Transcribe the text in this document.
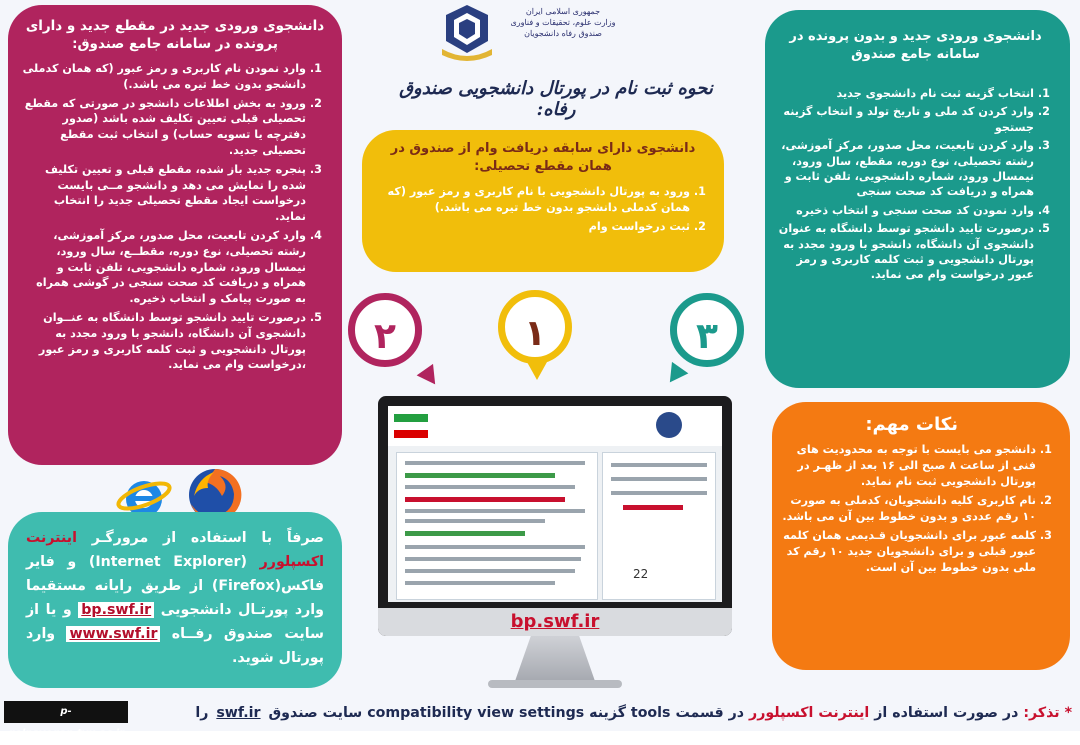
جمهوری اسلامی ایران
وزارت علوم، تحقیقات و فناوری
صندوق رفاه دانشجویان
نحوه ثبت نام در پورتال دانشجویی صندوق رفاه:
دانشجوی ورودی جدید در مقطع جدید و دارای پرونده در سامانه جامع صندوق:
1. وارد نمودن نام کاربری و رمز عبور (که همان کدملی دانشجو بدون خط تیره می باشد.)
2. ورود به بخش اطلاعات دانشجو در صورتی که مقطع تحصیلی قبلی تعیین تکلیف شده باشد (صدور دفترچه یا تسویه حساب) و انتخاب ثبت مقطع تحصیلی جدید.
3. پنجره جدید باز شده، مقطع قبلی و تعیین تکلیف شده را نمایش می دهد و دانشجو مــی بایست درخواست ایجاد مقطع تحصیلی جدید را انتخاب نماید.
4. وارد کردن تابعیت، محل صدور، مرکز آموزشی، رشته تحصیلی، نوع دوره، مقطــع، سال ورود، نیمسال ورود، شماره دانشجویی، تلفن ثابت و همراه و دریافت کد صحت سنجی در گوشی همراه به صورت پیامک و انتخاب ذخیره.
5. درصورت تایید دانشجو توسط دانشگاه به عنــوان دانشجوی آن دانشگاه، دانشجو با ورود مجدد به پورتال دانشجویی و ثبت کلمه کاربری و رمز عبور ،درخواست وام می نماید.
دانشجوی دارای سابقه دریافت وام از صندوق در همان مقطع تحصیلی:
1. ورود به پورتال دانشجویی با نام کاربری و رمز عبور (که همان کدملی دانشجو بدون خط تیره می باشد.)
2. ثبت درخواست وام
دانشجوی ورودی جدید و بدون پرونده در سامانه جامع صندوق
1. انتخاب گزینه ثبت نام دانشجوی جدید
2. وارد کردن کد ملی و تاریخ تولد و انتخاب گزینه جستجو
3. وارد کردن تابعیت، محل صدور، مرکز آموزشی، رشته تحصیلی، نوع دوره، مقطع، سال ورود، نیمسال ورود، شماره دانشجویی، تلفن ثابت و همراه و دریافت کد صحت سنجی
4. وارد نمودن کد صحت سنجی و انتخاب ذخیره
5. درصورت تایید دانشجو توسط دانشگاه به عنوان دانشجوی آن دانشگاه، دانشجو با ورود مجدد به پورتال دانشجویی و ثبت کلمه کاربری و رمز عبور درخواست وام می نماید.
۲	۱	۳
22
bp.swf.ir
نکات مهم:
1. دانشجو می بایست با توجه به محدودیت های فنی از ساعت ۸ صبح الی ۱۶ بعد از ظهـر در پورتال دانشجویی ثبت نام نماید.
2. نام کاربری کلیه دانشجویان، کدملی به صورت ۱۰ رقم عددی و بدون خطوط بین آن می باشد.
3. کلمه عبور برای دانشجویان قـدیمی همان کلمه عبور قبلی و برای دانشجویان جدید ۱۰ رقم کد ملی بدون خطوط بین آن است.

صرفاً با استفاده از مرورگـر اینترنت اکسپلورر (Internet Explorer) و فایر فاکس(Firefox) از طریق رایانه مستقیما وارد پورتـال دانشجویی bp.swf.ir و یا از سایت صندوق رفــاه www.swf.ir وارد پورتال شوید.

p-golpayegan.tvu.ac.ir
* تذکر: در صورت استفاده از اینترنت اکسپلورر در قسمت tools گزینه compatibility view settings سایت صندوق swf.ir را
